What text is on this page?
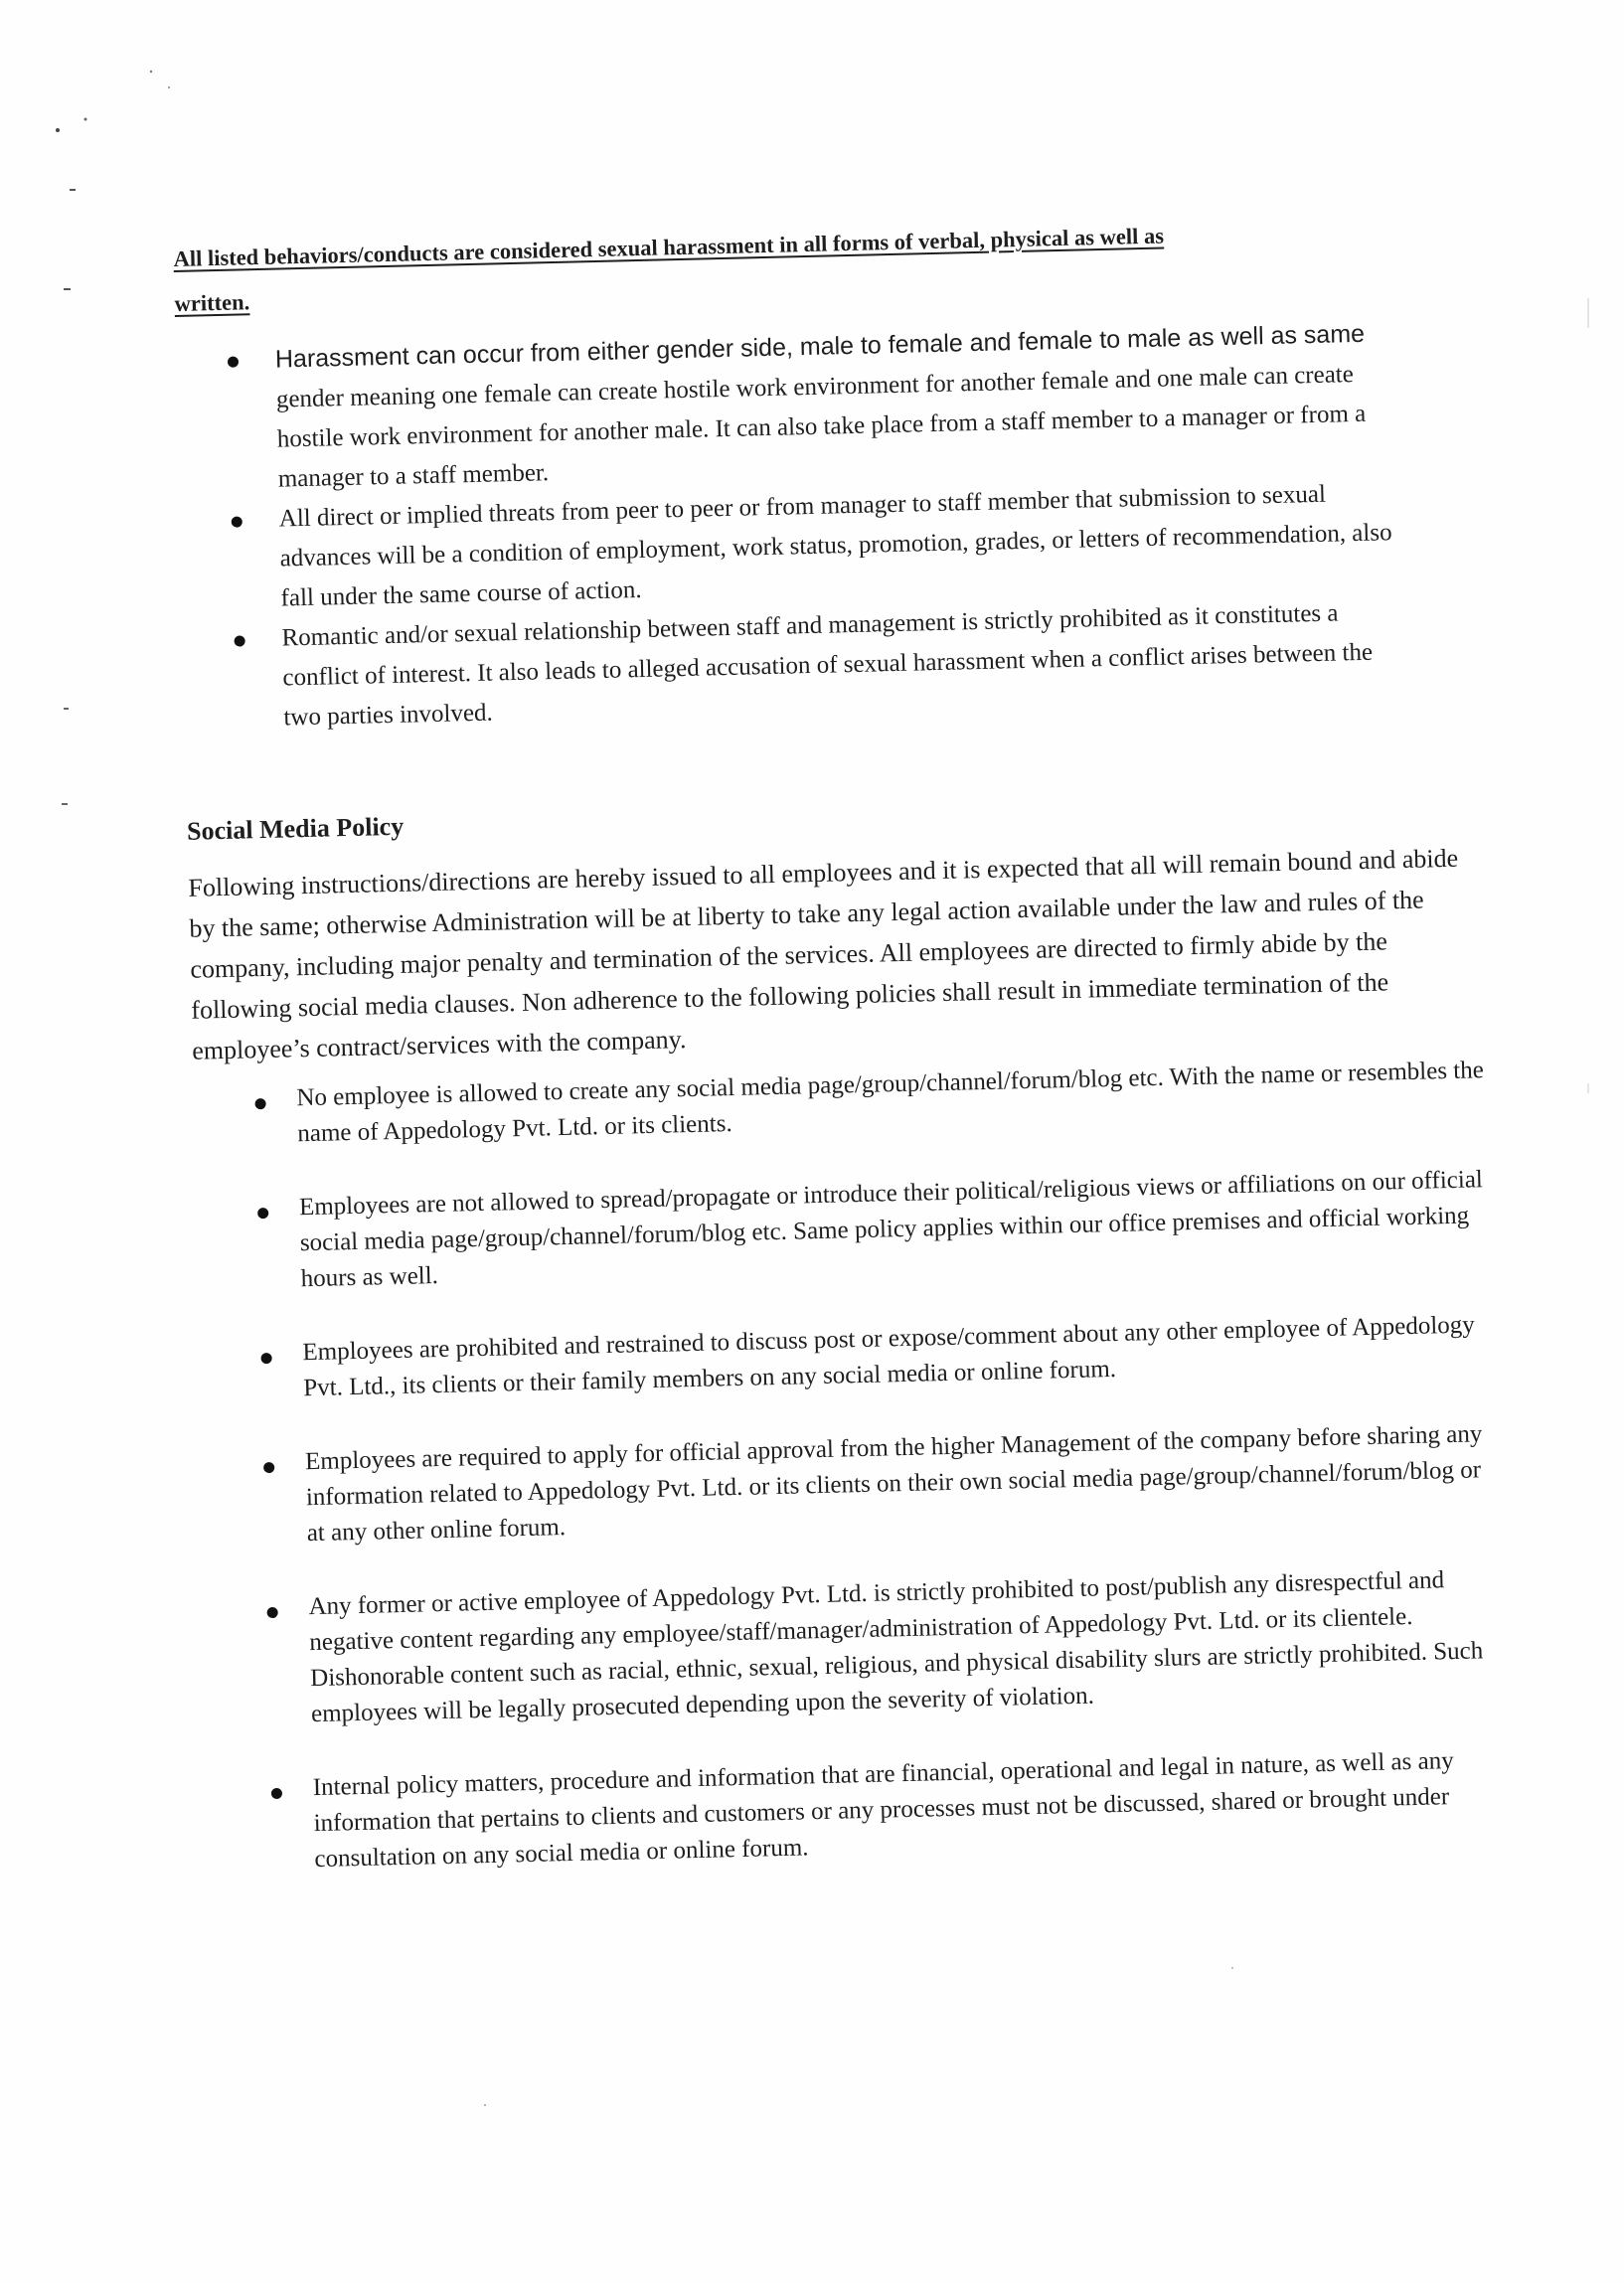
All listed behaviors/conducts are considered sexual harassment in all forms of verbal, physical as well as
written.

Harassment can occur from either gender side, male to female and female to male as well as same gender meaning one female can create hostile work environment for another female and one male can create hostile work environment for another male. It can also take place from a staff member to a manager or from a manager to a staff member.
All direct or implied threats from peer to peer or from manager to staff member that submission to sexual advances will be a condition of employment, work status, promotion, grades, or letters of recommendation, also fall under the same course of action.
Romantic and/or sexual relationship between staff and management is strictly prohibited as it constitutes a conflict of interest. It also leads to alleged accusation of sexual harassment when a conflict arises between the two parties involved.
Social Media Policy

Following instructions/directions are hereby issued to all employees and it is expected that all will remain bound and abide by the same; otherwise Administration will be at liberty to take any legal action available under the law and rules of the company, including major penalty and termination of the services. All employees are directed to firmly abide by the following social media clauses. Non adherence to the following policies shall result in immediate termination of the employee’s contract/services with the company.

No employee is allowed to create any social media page/group/channel/forum/blog etc. With the name or resembles the name of Appedology Pvt. Ltd. or its clients.
Employees are not allowed to spread/propagate or introduce their political/religious views or affiliations on our official social media page/group/channel/forum/blog etc. Same policy applies within our office premises and official working hours as well.
Employees are prohibited and restrained to discuss post or expose/comment about any other employee of Appedology Pvt. Ltd., its clients or their family members on any social media or online forum.
Employees are required to apply for official approval from the higher Management of the company before sharing any information related to Appedology Pvt. Ltd. or its clients on their own social media page/group/channel/forum/blog or at any other online forum.
Any former or active employee of Appedology Pvt. Ltd. is strictly prohibited to post/publish any disrespectful and negative content regarding any employee/staff/manager/administration of Appedology Pvt. Ltd. or its clientele. Dishonorable content such as racial, ethnic, sexual, religious, and physical disability slurs are strictly prohibited. Such employees will be legally prosecuted depending upon the severity of violation.
Internal policy matters, procedure and information that are financial, operational and legal in nature, as well as any information that pertains to clients and customers or any processes must not be discussed, shared or brought under consultation on any social media or online forum.
